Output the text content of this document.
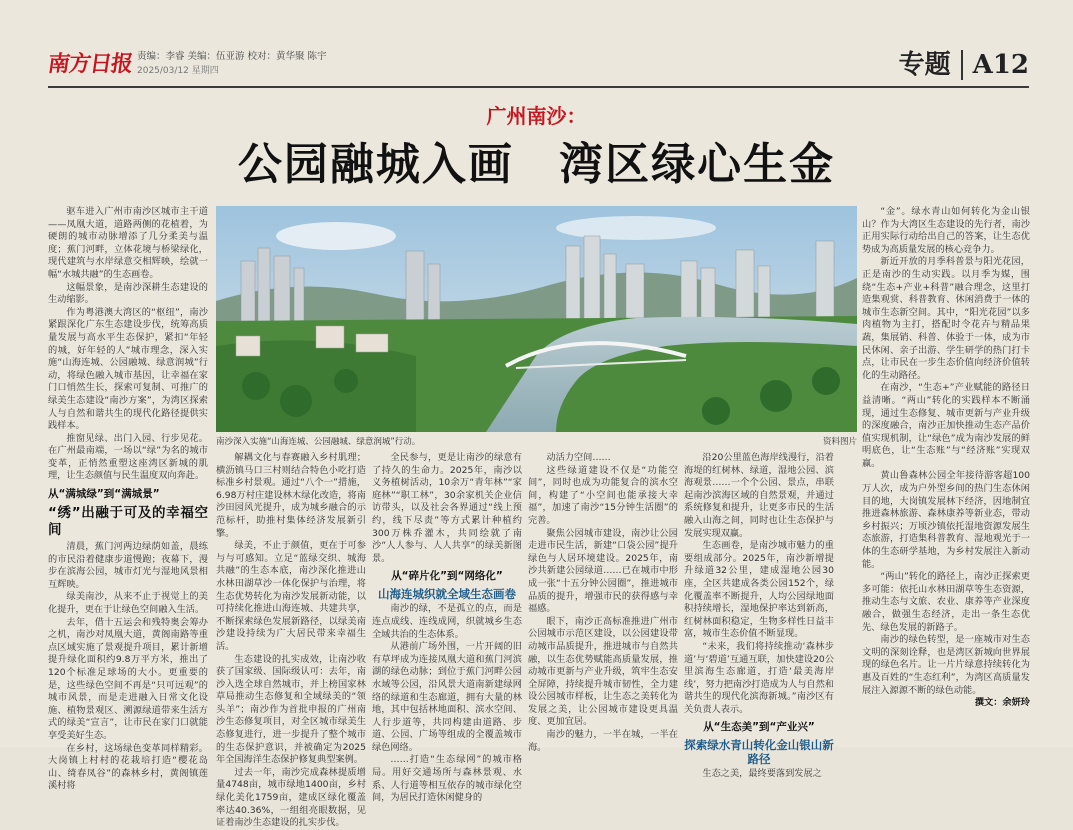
南方日报 责编：李睿 美编：伍亚游 校对：黄华聚 陈宇
2025/03/12 星期四	专题 A12
广州南沙：
公园融城入画 湾区绿心生金
南沙深入实施“山海连城、公园融城、绿意润城”行动。	资料图片

驱车进入广州市南沙区城市主干道——凤凰大道，道路两侧的花植着，为硬朗的城市动脉增添了几分柔美与温度；蕉门河畔，立体花境与桥梁绿化，现代建筑与水岸绿意交相辉映，绘就一幅“水城共融”的生态画卷。

这幅景象，是南沙深耕生态建设的生动缩影。

作为粤港澳大湾区的“枢纽”，南沙紧跟深化广东生态建设步伐，统筹高质量发展与高水平生态保护，紧扣“年轻的城，好年轻的人”城市理念，深入实施“山海连城、公园融城、绿意润城”行动，将绿色融入城市基因，让幸福在家门口悄然生长，探索可复制、可推广的绿美生态建设“南沙方案”，为湾区探索人与自然和谐共生的现代化路径提供实践样本。

推窗见绿、出门入园、行步见花。在广州最南端，一场以“绿”为名的城市变革，正悄然重塑这座湾区新城的肌理，让生态颜值与民生温度双向奔赴。

从“满城绿”到“满城景”
“绣”出融于可及的幸福空间

清晨，蕉门河两边绿荫如盖，晨练的市民沿着健康步道慢跑；夜幕下，漫步在滨海公园，城市灯光与湿地风景相互辉映。

绿美南沙，从来不止于视觉上的美化提升，更在于让绿色空间融入生活。

去年，借十五运会和残特奥会筹办之机，南沙对凤凰大道，黄阁南路等重点区域实施了景观提升项目，累计新增提升绿化面积约9.8万平方米，推出了120个标准足球场的大小。更重要的是，这些绿色空间不再是“只可远观”的城市风景，而是走进融入日常文化设施、植物景观区、溯源绿道带来生活方式的绿美“宣言”，让市民在家门口就能享受美好生态。

在乡村，这场绿色变革同样精彩。大岗镇上村村的花栽培打造“樱花岛山、绮春凤谷”的森林乡村，黄阁镇莲溪村将

解耦文化与春赛融入乡村肌理；横沥镇马口三村则结合特色小吃打造标准乡村景观。通过“八个一”措施，6.98万村庄建设林木绿化改造，将南沙田园风光提升，成为城乡融合的示范标杆，助推村集体经济发展新引擎。

绿美，不止于颜值，更在于可参与与可感知。立足“蓝绿交织、城海共融”的生态本底，南沙深化推进山水林田湖草沙一体化保护与治理，将生态优势转化为南沙发展新动能，以可持续化推进山海连城、共建共享，不断探索绿色发展新路径，以绿美南沙建设持续为广大居民带来幸福生活。

生态建设的扎实成效，让南沙收获了国家级、国际级认可：去年，南沙入选全球自然城市，并上榜国家林草局推动生态修复和全域绿美的“领头羊”；南沙作为首批申报的广州南沙生态修复项目，对全区城市绿美生态修复进行，进一步提升了整个城市的生态保护意识，并被确定为2025年全国海洋生态保护修复典型案例。

过去一年，南沙完成森林提质增量4748亩，城市绿地1400亩，乡村绿化美化1759亩，建成区绿化覆盖率达40.36%，一组组亮眼数据，见证着南沙生态建设的扎实步伐。

全民参与，更是让南沙的绿意有了持久的生命力。2025年，南沙以义务植树活动，10余万“青年林”“家庭林”“职工林”，30余家机关企业信访带头，以及社会各界通过“线上预约，线下尽责”等方式累计种植约300万株乔灌木，共同绘就了南沙“人人参与、人人共享”的绿美新图景。

从“碎片化”到“网络化”
山海连城织就全域生态画卷

南沙的绿，不是孤立的点，而是连点成线、连线成网，织就城乡生态全域共治的生态体系。

从港前广场外围，一片开阔的旧有草坪成为连接凤凰大道和蕉门河滨湖的绿色动脉；到位于蕉门河畔公园水域等公园，沿风景大道南新建绿网络的绿道和生态廊道，拥有大量的林地，其中包括林地面积、滨水空间、人行步道等，共同构建由道路、步道、公园、广场等组成的全覆盖城市绿色网络。

……打造“生态绿网”的城市格局。用好交通场所与森林景观、水系、人行道等相互依存的城市绿化空间，为居民打造休闲健身的

动活力空间……

这些绿道建设不仅是“功能空间”，同时也成为功能复合的滨水空间，构建了“小空间也能承接大幸福”，加速了南沙“15分钟生活圈”的完善。

聚焦公园城市建设，南沙让公园走进市民生活，新建“口袋公园”提升绿色与人居环境建设。2025年，南沙共新建公园绿道……已在城市中形成一张“十五分钟公园圈”，推进城市品质的提升，增强市民的获得感与幸福感。

眼下，南沙正高标准推进广州市公园城市示范区建设，以公园建设带动城市品质提升，推进城市与自然共融，以生态优势赋能高质量发展，推动城市更新与产业升级，筑牢生态安全屏障，持续提升城市韧性，全力建设公园城市样板，让生态之美转化为发展之美，让公园城市建设更具温度、更加宜居。

南沙的魅力，一半在城，一半在海。

沿20公里蓝色海岸线漫行，沿着海堤的红树林、绿道，湿地公园、滨海观景……一个个公园、景点，串联起南沙滨海区域的自然景观，并通过系统修复和提升，让更多市民的生活融入山海之间，同时也让生态保护与发展实现双赢。

生态画卷，是南沙城市魅力的重要组成部分。2025年，南沙新增提升绿道32公里，建成湿地公园30座，全区共建成各类公园152个，绿化覆盖率不断提升，人均公园绿地面积持续增长，湿地保护率达到新高，红树林面积稳定，生物多样性日益丰富，城市生态价值不断显现。

“未来，我们将持续推动‘森林步道’与‘碧道’互通互联，加快建设20公里滨海生态廊道，打造‘最美海岸线’，努力把南沙打造成为人与自然和谐共生的现代化滨海新城。”南沙区有关负责人表示。

从“生态美”到“产业兴”
探索绿水青山转化金山银山新路径

生态之美，最终要落到发展之

“金”。绿水青山如何转化为金山银山？作为大湾区生态建设的先行者，南沙正用实际行动给出自己的答案，让生态优势成为高质量发展的核心竞争力。

新近开放的月季科普景与阳光花园，正是南沙的生动实践。以月季为媒，围绕“生态+产业+科普”融合理念，这里打造集观赏、科普教育、休闲消费于一体的城市生态新空间。其中，“阳光花园”以多肉植物为主打，搭配时令花卉与精品果蔬，集展销、科普、体验于一体，成为市民休闲、亲子出游、学生研学的热门打卡点，让市民在一步生态价值向经济价值转化的生动路径。

在南沙，“生态+”产业赋能的路径日益清晰。“两山”转化的实践样本不断涌现，通过生态修复、城市更新与产业升级的深度融合，南沙正加快推动生态产品价值实现机制，让“绿色”成为南沙发展的鲜明底色，让“生态账”与“经济账”实现双赢。

黄山鲁森林公园全年接待游客超100万人次，成为户外型乡间的热门生态休闲目的地，大岗镇发展林下经济，因地制宜推进森林旅游、森林康养等新业态，带动乡村振兴；万顷沙镇依托湿地资源发展生态旅游，打造集科普教育、湿地观光于一体的生态研学基地，为乡村发展注入新动能。

“两山”转化的路径上，南沙正探索更多可能：依托山水林田湖草等生态资源，推动生态与文旅、农业、康养等产业深度融合，做强生态经济，走出一条生态优先、绿色发展的新路子。

南沙的绿色转型，是一座城市对生态文明的深刻诠释，也是湾区新城向世界展现的绿色名片。让一片片绿意持续转化为惠及百姓的“生态红利”，为湾区高质量发展注入源源不断的绿色动能。

撰文：余妍玲
